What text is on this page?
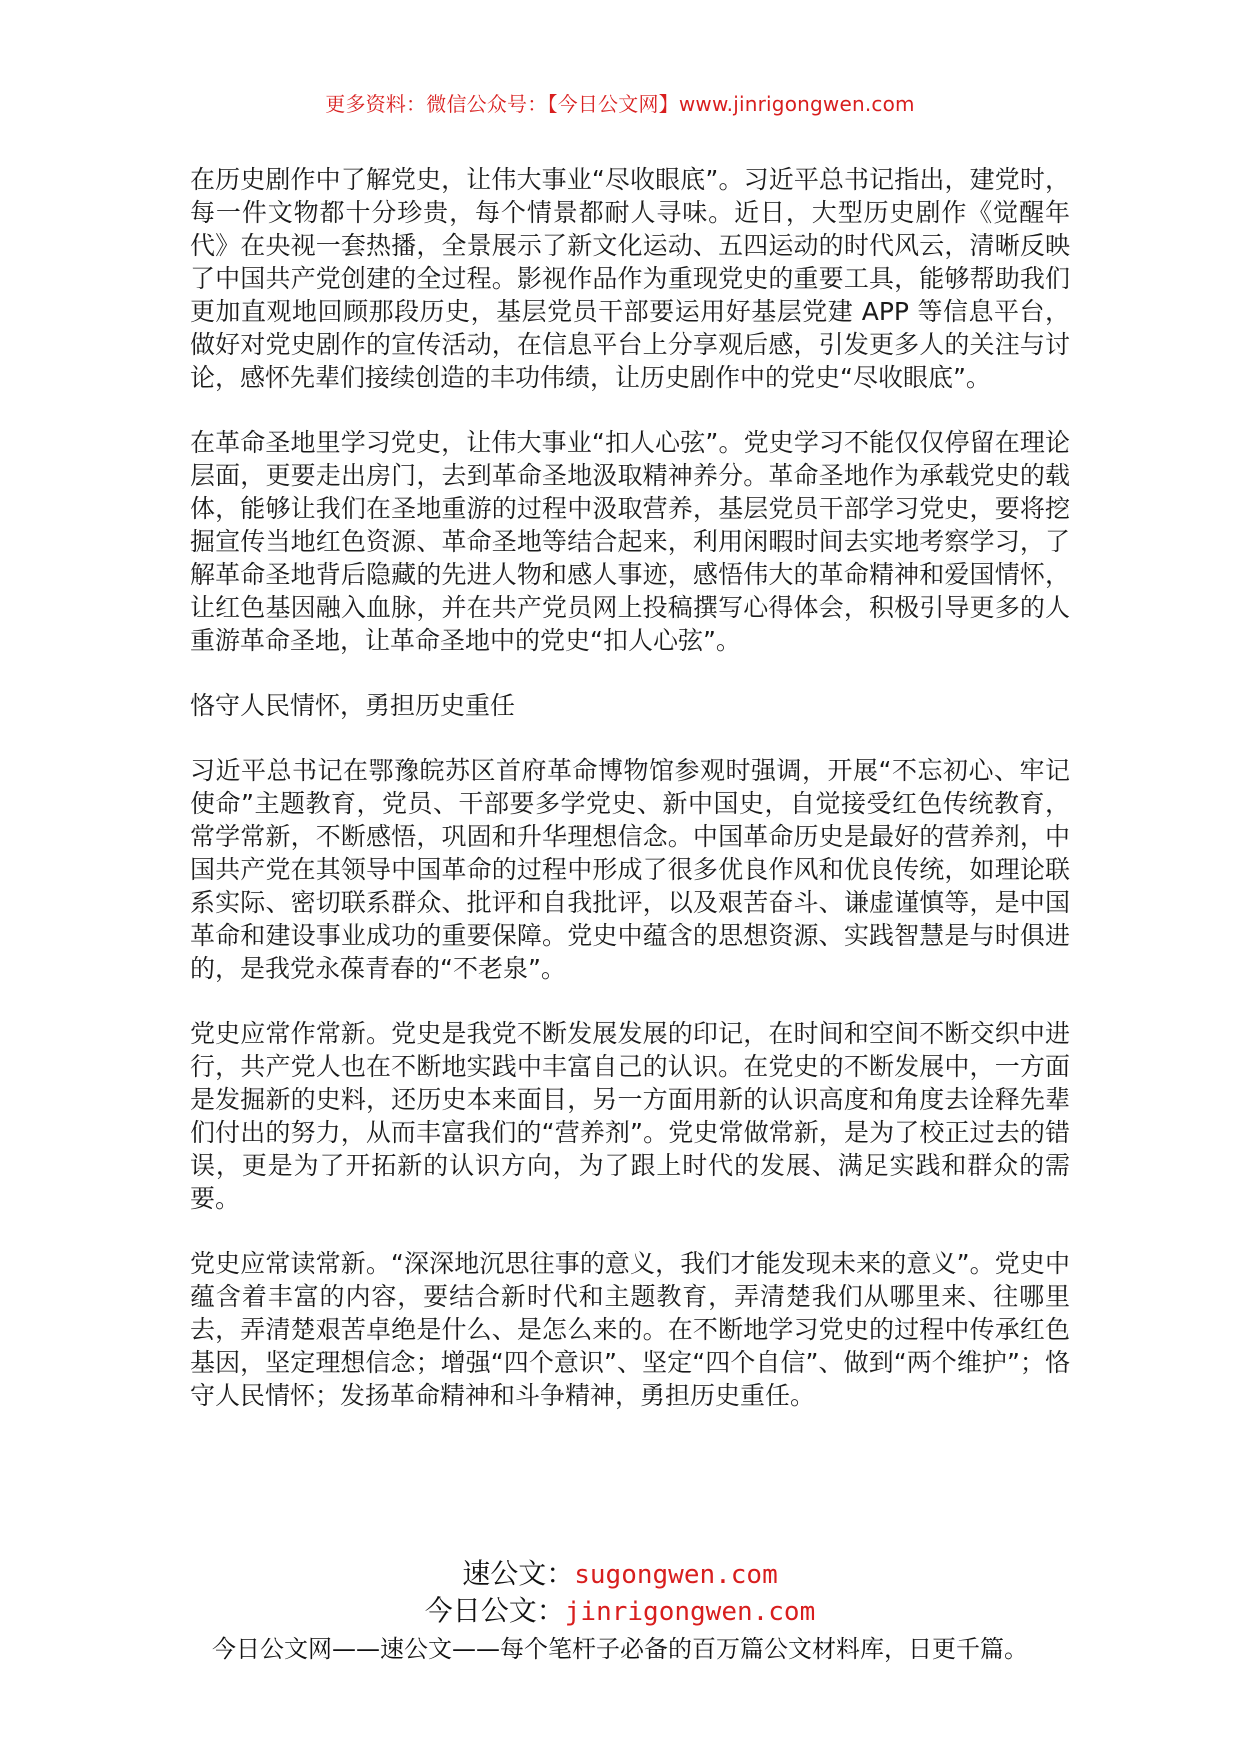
更多资料：微信公众号：【今日公文网】www.jinrigongwen.com

在历史剧作中了解党史，让伟大事业“尽收眼底”。习近平总书记指出，建党时，每一件文物都十分珍贵，每个情景都耐人寻味。近日，大型历史剧作《觉醒年代》在央视一套热播，全景展示了新文化运动、五四运动的时代风云，清晰反映了中国共产党创建的全过程。影视作品作为重现党史的重要工具，能够帮助我们更加直观地回顾那段历史，基层党员干部要运用好基层党建 APP 等信息平台，做好对党史剧作的宣传活动，在信息平台上分享观后感，引发更多人的关注与讨论，感怀先辈们接续创造的丰功伟绩，让历史剧作中的党史“尽收眼底”。

在革命圣地里学习党史，让伟大事业“扣人心弦”。党史学习不能仅仅停留在理论层面，更要走出房门，去到革命圣地汲取精神养分。革命圣地作为承载党史的载体，能够让我们在圣地重游的过程中汲取营养，基层党员干部学习党史，要将挖掘宣传当地红色资源、革命圣地等结合起来，利用闲暇时间去实地考察学习，了解革命圣地背后隐藏的先进人物和感人事迹，感悟伟大的革命精神和爱国情怀，让红色基因融入血脉，并在共产党员网上投稿撰写心得体会，积极引导更多的人重游革命圣地，让革命圣地中的党史“扣人心弦”。

恪守人民情怀，勇担历史重任

习近平总书记在鄂豫皖苏区首府革命博物馆参观时强调，开展“不忘初心、牢记使命”主题教育，党员、干部要多学党史、新中国史，自觉接受红色传统教育，常学常新，不断感悟，巩固和升华理想信念。中国革命历史是最好的营养剂，中国共产党在其领导中国革命的过程中形成了很多优良作风和优良传统，如理论联系实际、密切联系群众、批评和自我批评，以及艰苦奋斗、谦虚谨慎等，是中国革命和建设事业成功的重要保障。党史中蕴含的思想资源、实践智慧是与时俱进的，是我党永葆青春的“不老泉”。

党史应常作常新。党史是我党不断发展发展的印记，在时间和空间不断交织中进行，共产党人也在不断地实践中丰富自己的认识。在党史的不断发展中，一方面是发掘新的史料，还历史本来面目，另一方面用新的认识高度和角度去诠释先辈们付出的努力，从而丰富我们的“营养剂”。党史常做常新，是为了校正过去的错误，更是为了开拓新的认识方向，为了跟上时代的发展、满足实践和群众的需要。

党史应常读常新。“深深地沉思往事的意义，我们才能发现未来的意义”。党史中蕴含着丰富的内容，要结合新时代和主题教育，弄清楚我们从哪里来、往哪里去，弄清楚艰苦卓绝是什么、是怎么来的。在不断地学习党史的过程中传承红色基因，坚定理想信念；增强“四个意识”、坚定“四个自信”、做到“两个维护”；恪守人民情怀；发扬革命精神和斗争精神，勇担历史重任。

速公文：sugongwen.com
今日公文：jinrigongwen.com
今日公文网——速公文——每个笔杆子必备的百万篇公文材料库，日更千篇。
